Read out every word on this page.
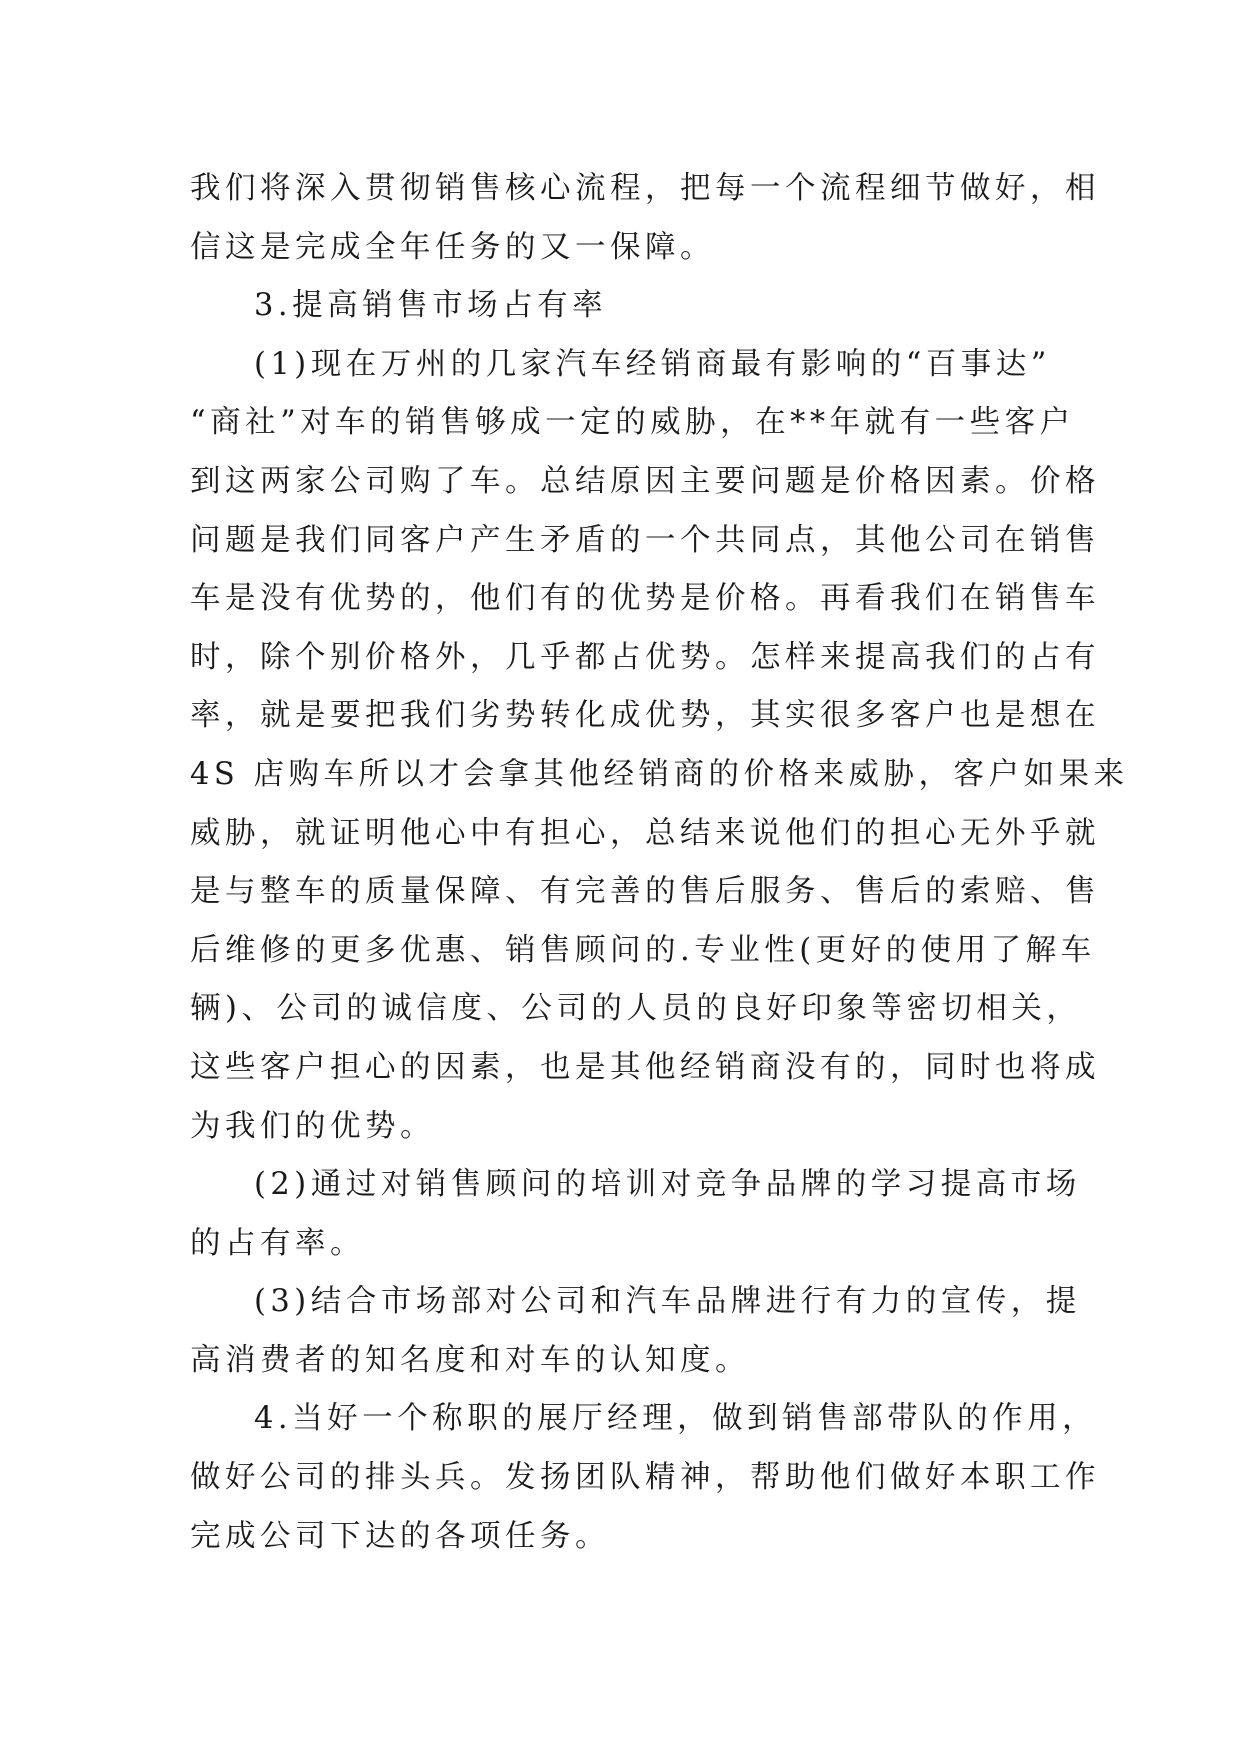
我们将深入贯彻销售核心流程，把每一个流程细节做好，相
信这是完成全年任务的又一保障。
3.提高销售市场占有率
(1)现在万州的几家汽车经销商最有影响的“百事达”
“商社”对车的销售够成一定的威胁，在**年就有一些客户
到这两家公司购了车。总结原因主要问题是价格因素。价格
问题是我们同客户产生矛盾的一个共同点，其他公司在销售
车是没有优势的，他们有的优势是价格。再看我们在销售车
时，除个别价格外，几乎都占优势。怎样来提高我们的占有
率，就是要把我们劣势转化成优势，其实很多客户也是想在
4S 店购车所以才会拿其他经销商的价格来威胁，客户如果来
威胁，就证明他心中有担心，总结来说他们的担心无外乎就
是与整车的质量保障、有完善的售后服务、售后的索赔、售
后维修的更多优惠、销售顾问的.专业性(更好的使用了解车
辆)、公司的诚信度、公司的人员的良好印象等密切相关，
这些客户担心的因素，也是其他经销商没有的，同时也将成
为我们的优势。
(2)通过对销售顾问的培训对竞争品牌的学习提高市场
的占有率。
(3)结合市场部对公司和汽车品牌进行有力的宣传，提
高消费者的知名度和对车的认知度。
4.当好一个称职的展厅经理，做到销售部带队的作用，
做好公司的排头兵。发扬团队精神，帮助他们做好本职工作
完成公司下达的各项任务。
